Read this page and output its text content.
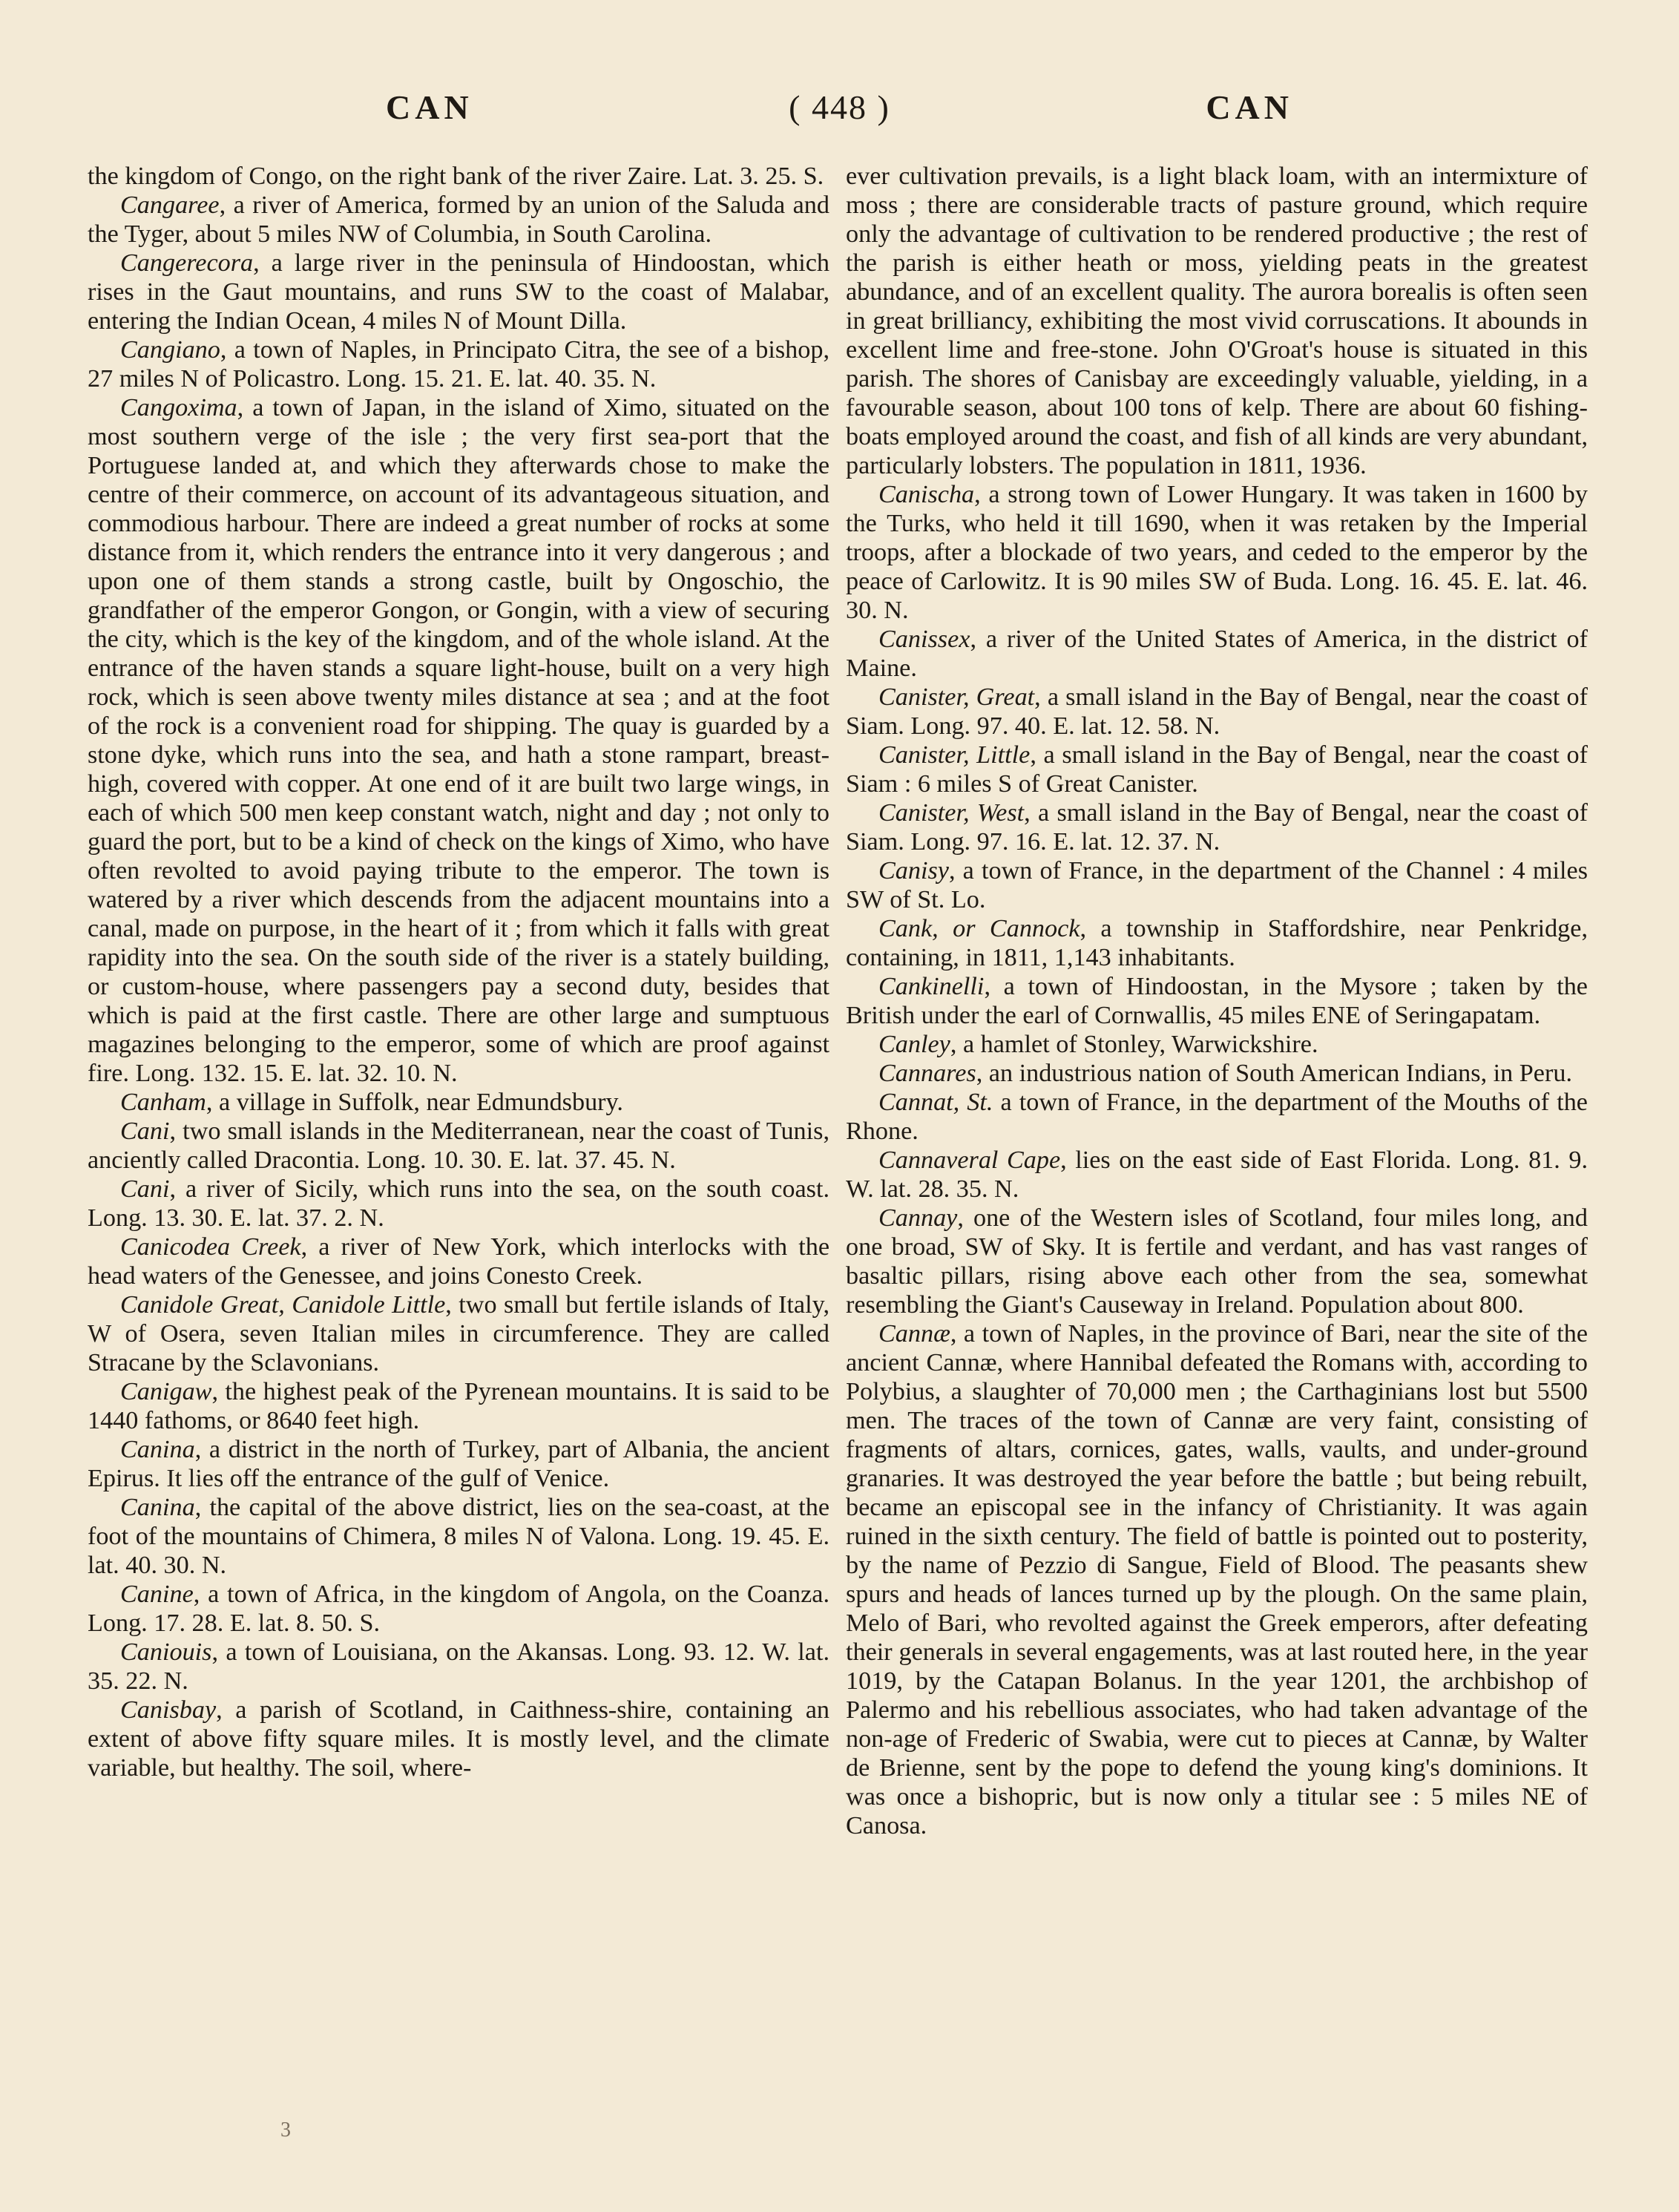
CAN	( 448 )	CAN

the kingdom of Congo, on the right bank of the river Zaire. Lat. 3. 25. S.

Cangaree, a river of America, formed by an union of the Saluda and the Tyger, about 5 miles NW of Columbia, in South Carolina.

Cangerecora, a large river in the peninsula of Hindoostan, which rises in the Gaut mountains, and runs SW to the coast of Malabar, entering the Indian Ocean, 4 miles N of Mount Dilla.

Cangiano, a town of Naples, in Principato Citra, the see of a bishop, 27 miles N of Policastro. Long. 15. 21. E. lat. 40. 35. N.

Cangoxima, a town of Japan, in the island of Ximo, situated on the most southern verge of the isle ; the very first sea-port that the Portuguese landed at, and which they afterwards chose to make the centre of their commerce, on account of its advantageous situation, and commodious harbour. There are indeed a great number of rocks at some distance from it, which renders the entrance into it very dangerous ; and upon one of them stands a strong castle, built by Ongoschio, the grandfather of the emperor Gongon, or Gongin, with a view of securing the city, which is the key of the kingdom, and of the whole island. At the entrance of the haven stands a square light-house, built on a very high rock, which is seen above twenty miles distance at sea ; and at the foot of the rock is a convenient road for shipping. The quay is guarded by a stone dyke, which runs into the sea, and hath a stone rampart, breast-high, covered with copper. At one end of it are built two large wings, in each of which 500 men keep constant watch, night and day ; not only to guard the port, but to be a kind of check on the kings of Ximo, who have often revolted to avoid paying tribute to the emperor. The town is watered by a river which descends from the adjacent mountains into a canal, made on purpose, in the heart of it ; from which it falls with great rapidity into the sea. On the south side of the river is a stately building, or custom-house, where passengers pay a second duty, besides that which is paid at the first castle. There are other large and sumptuous magazines belonging to the emperor, some of which are proof against fire. Long. 132. 15. E. lat. 32. 10. N.

Canham, a village in Suffolk, near Edmundsbury.

Cani, two small islands in the Mediterranean, near the coast of Tunis, anciently called Dracontia. Long. 10. 30. E. lat. 37. 45. N.

Cani, a river of Sicily, which runs into the sea, on the south coast. Long. 13. 30. E. lat. 37. 2. N.

Canicodea Creek, a river of New York, which interlocks with the head waters of the Genessee, and joins Conesto Creek.

Canidole Great, Canidole Little, two small but fertile islands of Italy, W of Osera, seven Italian miles in circumference. They are called Stracane by the Sclavonians.

Canigaw, the highest peak of the Pyrenean mountains. It is said to be 1440 fathoms, or 8640 feet high.

Canina, a district in the north of Turkey, part of Albania, the ancient Epirus. It lies off the entrance of the gulf of Venice.

Canina, the capital of the above district, lies on the sea-coast, at the foot of the mountains of Chimera, 8 miles N of Valona. Long. 19. 45. E. lat. 40. 30. N.

Canine, a town of Africa, in the kingdom of Angola, on the Coanza. Long. 17. 28. E. lat. 8. 50. S.

Caniouis, a town of Louisiana, on the Akansas. Long. 93. 12. W. lat. 35. 22. N.

Canisbay, a parish of Scotland, in Caithness-shire, containing an extent of above fifty square miles. It is mostly level, and the climate variable, but healthy. The soil, where-

ever cultivation prevails, is a light black loam, with an intermixture of moss ; there are considerable tracts of pasture ground, which require only the advantage of cultivation to be rendered productive ; the rest of the parish is either heath or moss, yielding peats in the greatest abundance, and of an excellent quality. The aurora borealis is often seen in great brilliancy, exhibiting the most vivid corruscations. It abounds in excellent lime and free-stone. John O'Groat's house is situated in this parish. The shores of Canisbay are exceedingly valuable, yielding, in a favourable season, about 100 tons of kelp. There are about 60 fishing-boats employed around the coast, and fish of all kinds are very abundant, particularly lobsters. The population in 1811, 1936.

Canischa, a strong town of Lower Hungary. It was taken in 1600 by the Turks, who held it till 1690, when it was retaken by the Imperial troops, after a blockade of two years, and ceded to the emperor by the peace of Carlowitz. It is 90 miles SW of Buda. Long. 16. 45. E. lat. 46. 30. N.

Canissex, a river of the United States of America, in the district of Maine.

Canister, Great, a small island in the Bay of Bengal, near the coast of Siam. Long. 97. 40. E. lat. 12. 58. N.

Canister, Little, a small island in the Bay of Bengal, near the coast of Siam : 6 miles S of Great Canister.

Canister, West, a small island in the Bay of Bengal, near the coast of Siam. Long. 97. 16. E. lat. 12. 37. N.

Canisy, a town of France, in the department of the Channel : 4 miles SW of St. Lo.

Cank, or Cannock, a township in Staffordshire, near Penkridge, containing, in 1811, 1,143 inhabitants.

Cankinelli, a town of Hindoostan, in the Mysore ; taken by the British under the earl of Cornwallis, 45 miles ENE of Seringapatam.

Canley, a hamlet of Stonley, Warwickshire.

Cannares, an industrious nation of South American Indians, in Peru.

Cannat, St. a town of France, in the department of the Mouths of the Rhone.

Cannaveral Cape, lies on the east side of East Florida. Long. 81. 9. W. lat. 28. 35. N.

Cannay, one of the Western isles of Scotland, four miles long, and one broad, SW of Sky. It is fertile and verdant, and has vast ranges of basaltic pillars, rising above each other from the sea, somewhat resembling the Giant's Causeway in Ireland. Population about 800.

Cannæ, a town of Naples, in the province of Bari, near the site of the ancient Cannæ, where Hannibal defeated the Romans with, according to Polybius, a slaughter of 70,000 men ; the Carthaginians lost but 5500 men. The traces of the town of Cannæ are very faint, consisting of fragments of altars, cornices, gates, walls, vaults, and under-ground granaries. It was destroyed the year before the battle ; but being rebuilt, became an episcopal see in the infancy of Christianity. It was again ruined in the sixth century. The field of battle is pointed out to posterity, by the name of Pezzio di Sangue, Field of Blood. The peasants shew spurs and heads of lances turned up by the plough. On the same plain, Melo of Bari, who revolted against the Greek emperors, after defeating their generals in several engagements, was at last routed here, in the year 1019, by the Catapan Bolanus. In the year 1201, the archbishop of Palermo and his rebellious associates, who had taken advantage of the non-age of Frederic of Swabia, were cut to pieces at Cannæ, by Walter de Brienne, sent by the pope to defend the young king's dominions. It was once a bishopric, but is now only a titular see : 5 miles NE of Canosa.

3
